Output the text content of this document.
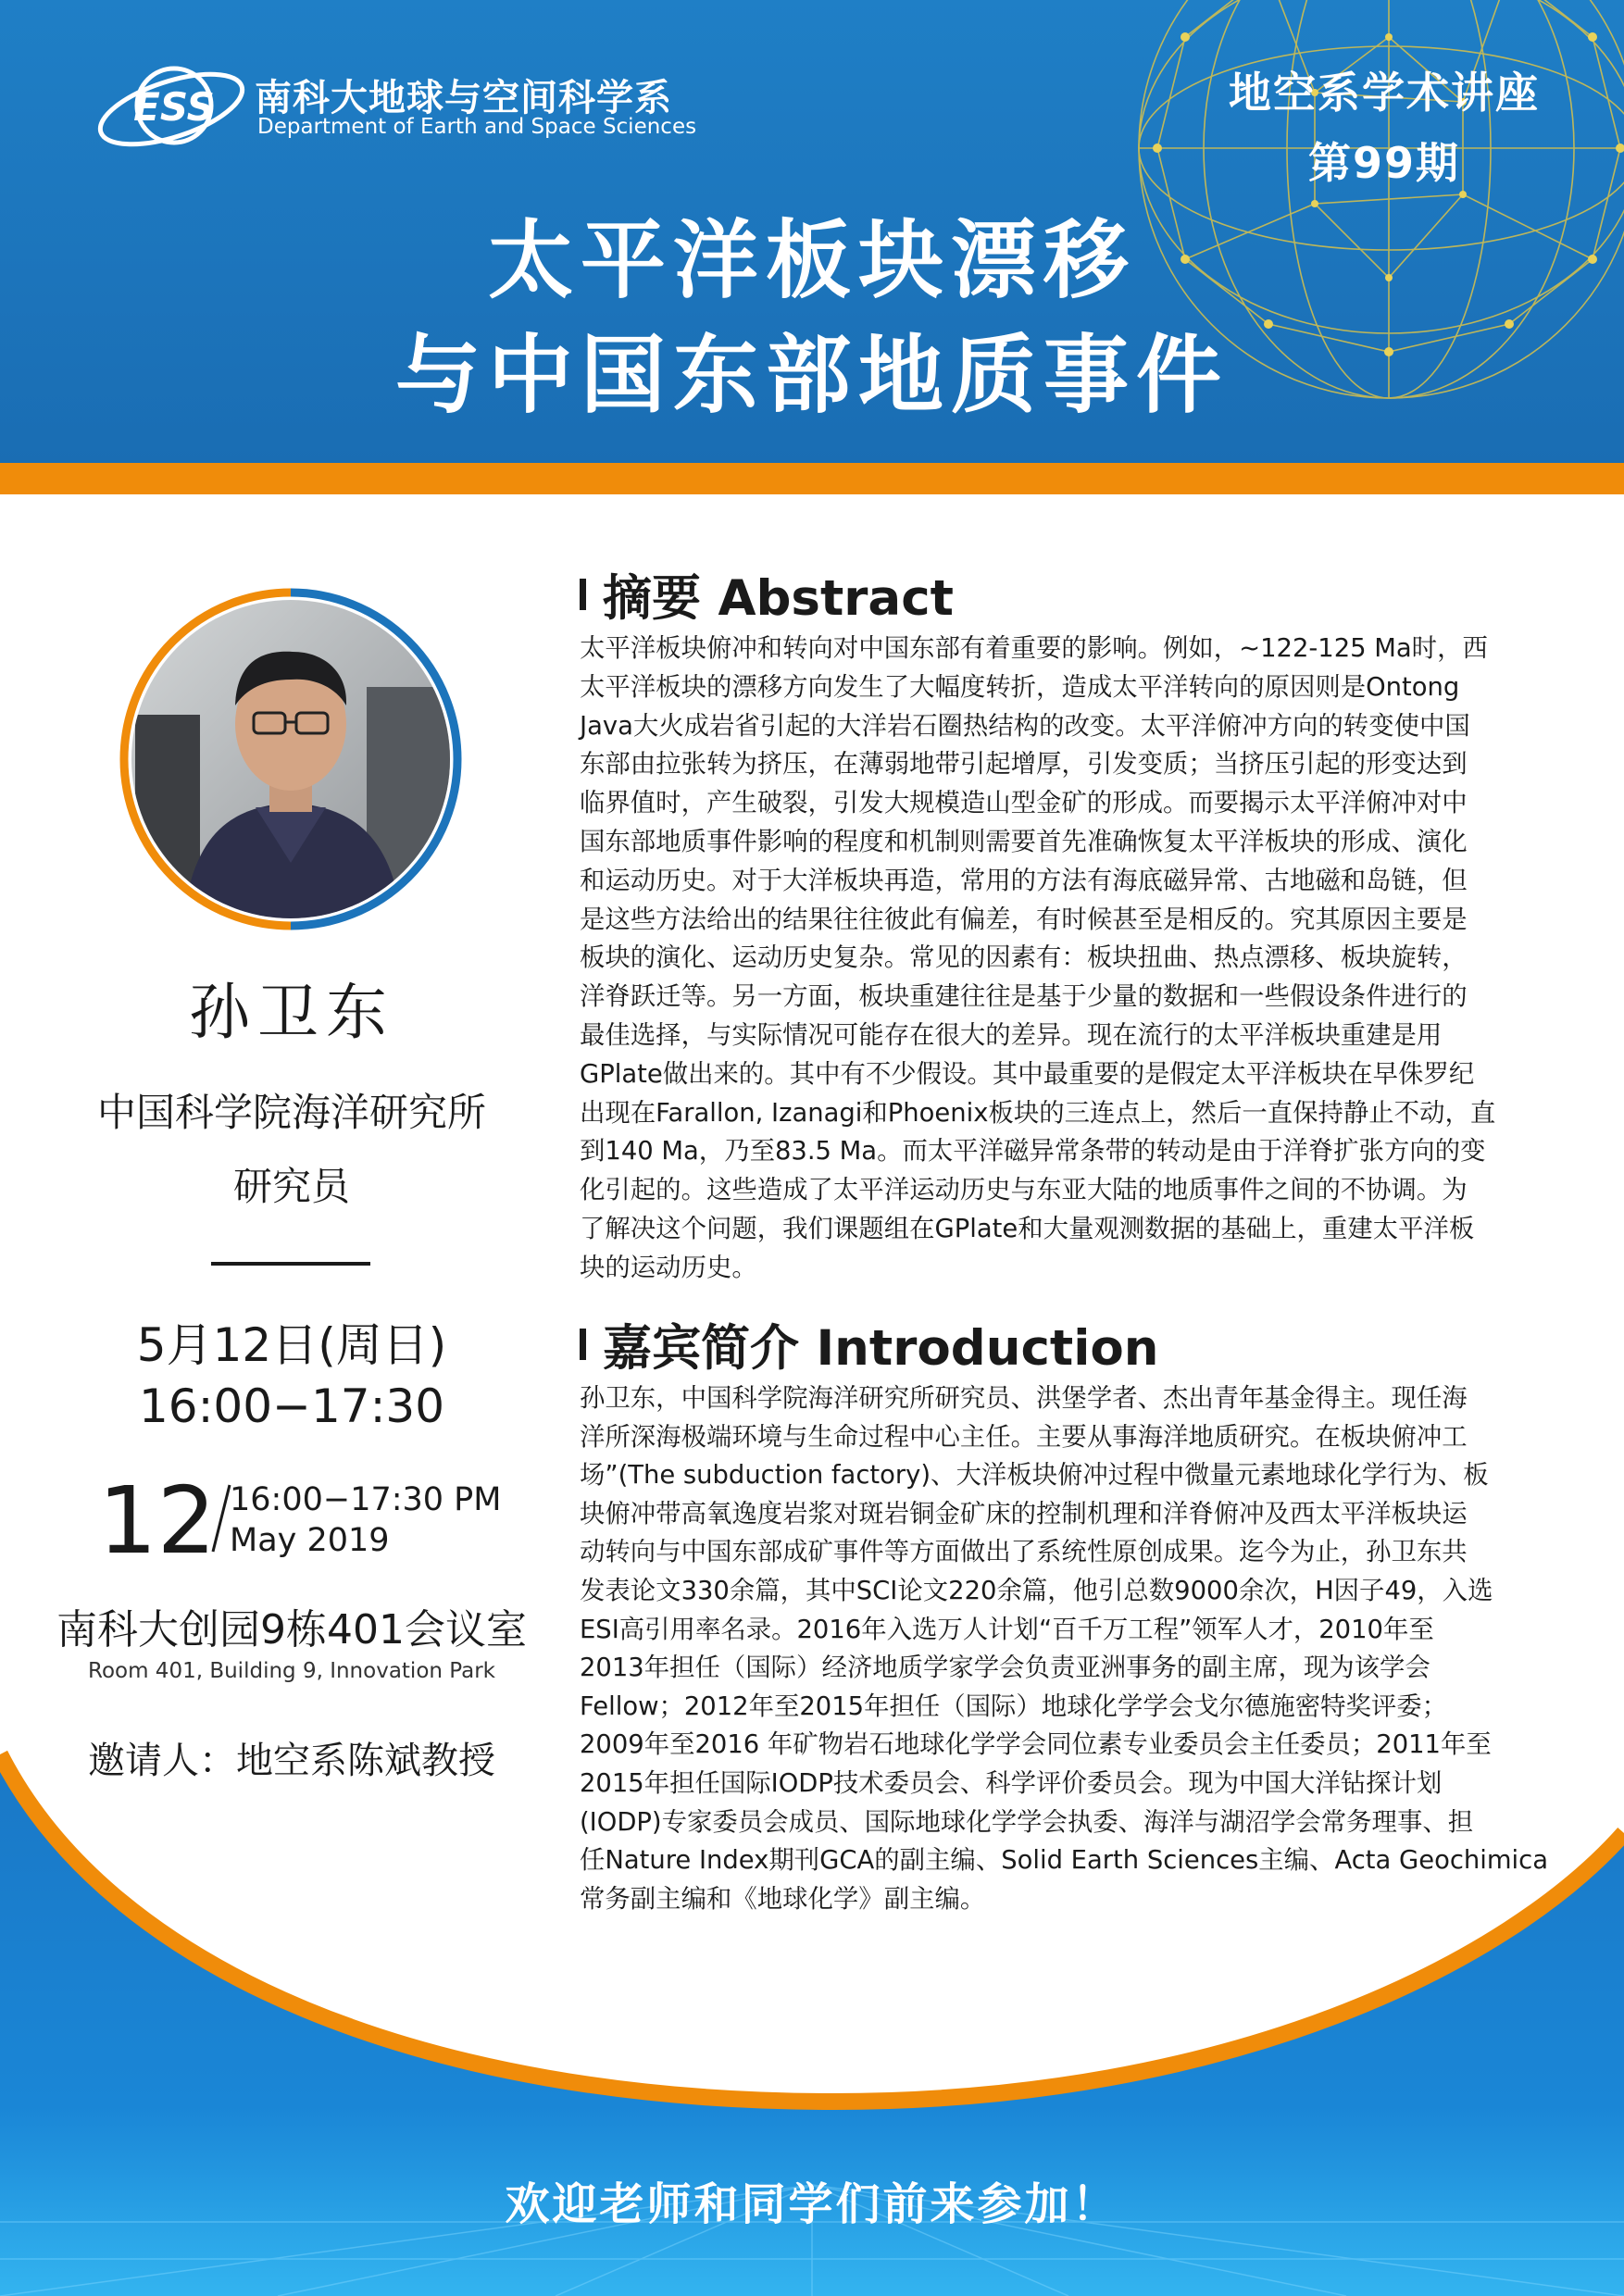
ESS 南科大地球与空间科学系
Department of Earth and Space Sciences
地空系学术讲座
第99期
太平洋板块漂移
与中国东部地质事件
欢迎老师和同学们前来参加！
孙卫东
中国科学院海洋研究所
研究员
5月12日(周日)
16:00−17:30
12 16:00−17:30 PM
May 2019
南科大创园9栋401会议室
Room 401, Building 9, Innovation Park
邀请人：地空系陈斌教授
摘要 Abstract
太平洋板块俯冲和转向对中国东部有着重要的影响。例如，~122-125 Ma时，西
太平洋板块的漂移方向发生了大幅度转折，造成太平洋转向的原因则是Ontong
Java大火成岩省引起的大洋岩石圈热结构的改变。太平洋俯冲方向的转变使中国
东部由拉张转为挤压，在薄弱地带引起增厚，引发变质；当挤压引起的形变达到
临界值时，产生破裂，引发大规模造山型金矿的形成。而要揭示太平洋俯冲对中
国东部地质事件影响的程度和机制则需要首先准确恢复太平洋板块的形成、演化
和运动历史。对于大洋板块再造，常用的方法有海底磁异常、古地磁和岛链，但
是这些方法给出的结果往往彼此有偏差，有时候甚至是相反的。究其原因主要是
板块的演化、运动历史复杂。常见的因素有：板块扭曲、热点漂移、板块旋转，
洋脊跃迁等。另一方面，板块重建往往是基于少量的数据和一些假设条件进行的
最佳选择，与实际情况可能存在很大的差异。现在流行的太平洋板块重建是用
GPlate做出来的。其中有不少假设。其中最重要的是假定太平洋板块在早侏罗纪
出现在Farallon, Izanagi和Phoenix板块的三连点上，然后一直保持静止不动，直
到140 Ma，乃至83.5 Ma。而太平洋磁异常条带的转动是由于洋脊扩张方向的变
化引起的。这些造成了太平洋运动历史与东亚大陆的地质事件之间的不协调。为
了解决这个问题，我们课题组在GPlate和大量观测数据的基础上，重建太平洋板
块的运动历史。
嘉宾简介 Introduction
孙卫东，中国科学院海洋研究所研究员、洪堡学者、杰出青年基金得主。现任海
洋所深海极端环境与生命过程中心主任。主要从事海洋地质研究。在板块俯冲工
场”(The subduction factory)、大洋板块俯冲过程中微量元素地球化学行为、板
块俯冲带高氧逸度岩浆对斑岩铜金矿床的控制机理和洋脊俯冲及西太平洋板块运
动转向与中国东部成矿事件等方面做出了系统性原创成果。迄今为止，孙卫东共
发表论文330余篇，其中SCI论文220余篇，他引总数9000余次，H因子49，入选
ESI高引用率名录。2016年入选万人计划“百千万工程”领军人才，2010年至
2013年担任（国际）经济地质学家学会负责亚洲事务的副主席，现为该学会
Fellow；2012年至2015年担任（国际）地球化学学会戈尔德施密特奖评委；
2009年至2016 年矿物岩石地球化学学会同位素专业委员会主任委员；2011年至
2015年担任国际IODP技术委员会、科学评价委员会。现为中国大洋钻探计划
(IODP)专家委员会成员、国际地球化学学会执委、海洋与湖沼学会常务理事、担
任Nature Index期刊GCA的副主编、Solid Earth Sciences主编、Acta Geochimica
常务副主编和《地球化学》副主编。
